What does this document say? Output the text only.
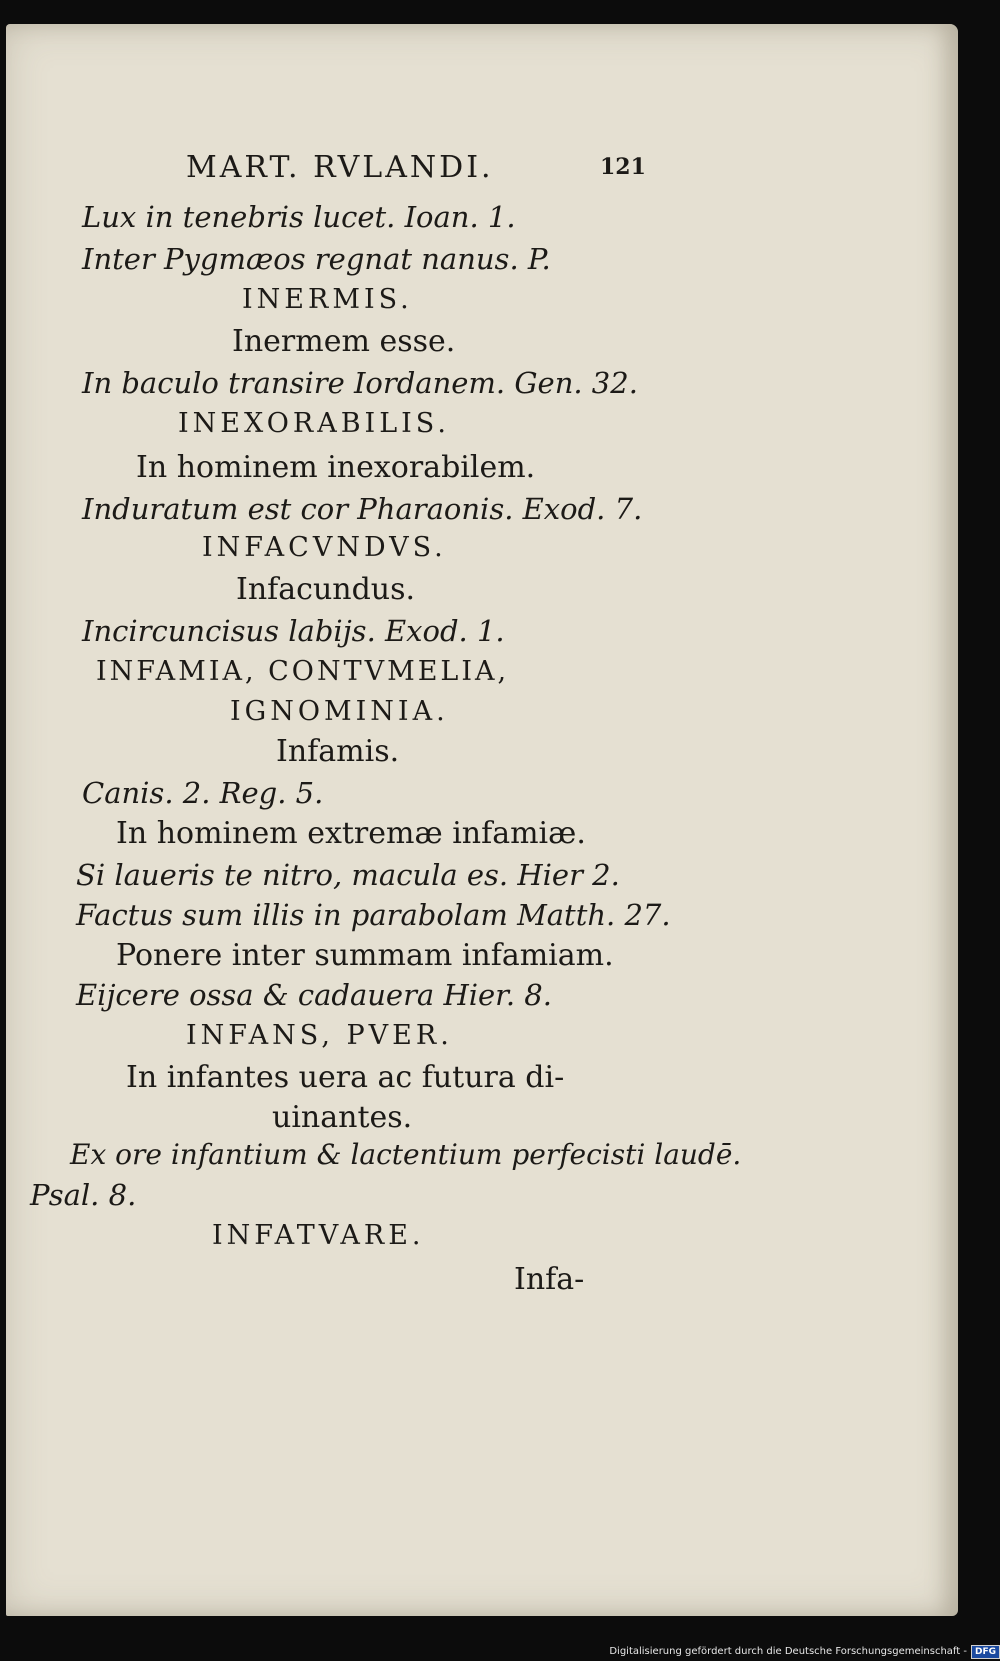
MART. RVLANDI.	121
Lux in tenebris lucet. Ioan. 1.
Inter Pygmæos regnat nanus. P.
INERMIS.
Inermem esse.
In baculo transire Iordanem. Gen. 32.
INEXORABILIS.
In hominem inexorabilem.
Induratum est cor Pharaonis. Exod. 7.
INFACVNDVS.
Infacundus.
Incircuncisus labijs. Exod. 1.
INFAMIA, CONTVMELIA,
IGNOMINIA.
Infamis.
Canis. 2. Reg. 5.
In hominem extremæ infamiæ.
Si laueris te nitro, macula es. Hier 2.
Factus sum illis in parabolam Matth. 27.
Ponere inter summam infamiam.
Eijcere ossa & cadauera Hier. 8.
INFANS, PVER.
In infantes uera ac futura di-
uinantes.
Ex ore infantium & lactentium perfecisti laudē.
Psal. 8.
INFATVARE.
Infa-
Digitalisierung gefördert durch die Deutsche Forschungsgemeinschaft - DFG
